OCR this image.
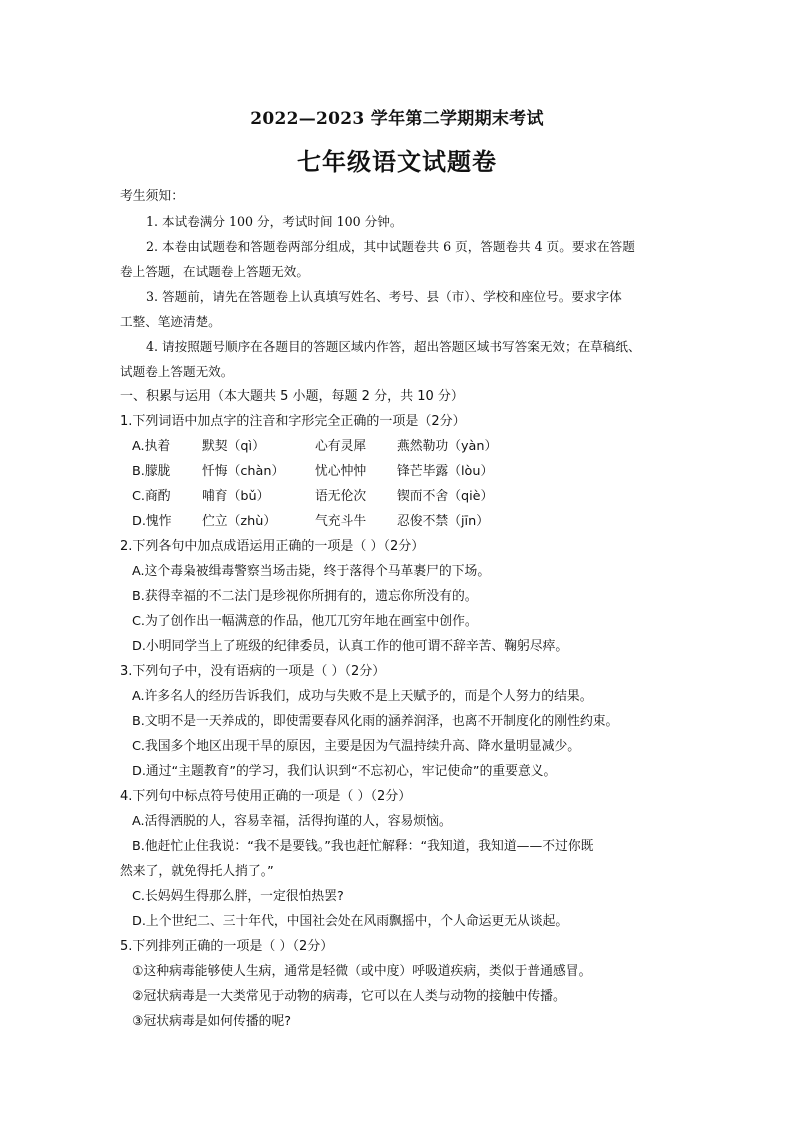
2022—2023 学年第二学期期末考试
七年级语文试题卷
考生须知：
1. 本试卷满分 100 分，考试时间 100 分钟。
2. 本卷由试题卷和答题卷两部分组成，其中试题卷共 6 页，答题卷共 4 页。要求在答题
卷上答题，在试题卷上答题无效。
3. 答题前，请先在答题卷上认真填写姓名、考号、县（市）、学校和座位号。要求字体
工整、笔迹清楚。
4. 请按照题号顺序在各题目的答题区域内作答，超出答题区域书写答案无效；在草稿纸、
试题卷上答题无效。
一、积累与运用（本大题共 5 小题，每题 2 分，共 10 分）
1.下列词语中加点字的注音和字形完全正确的一项是（2分）
A.执着	默契（qì）	心有灵犀	燕然勒功（yàn）
B.朦胧	忏悔（chàn）	忧心忡忡	锋芒毕露（lòu）
C.商酌	哺育（bǔ）	语无伦次	锲而不舍（qiè）
D.愧怍	伫立（zhù）	气充斗牛	忍俊不禁（jīn）
2.下列各句中加点成语运用正确的一项是（ ）（2分）
A.这个毒枭被缉毒警察当场击毙，终于落得个马革裹尸的下场。
B.获得幸福的不二法门是珍视你所拥有的，遗忘你所没有的。
C.为了创作出一幅满意的作品，他兀兀穷年地在画室中创作。
D.小明同学当上了班级的纪律委员，认真工作的他可谓不辞辛苦、鞠躬尽瘁。
3.下列句子中，没有语病的一项是（ ）（2分）
A.许多名人的经历告诉我们，成功与失败不是上天赋予的，而是个人努力的结果。
B.文明不是一天养成的，即使需要春风化雨的涵养润泽，也离不开制度化的刚性约束。
C.我国多个地区出现干旱的原因，主要是因为气温持续升高、降水量明显减少。
D.通过“主题教育”的学习，我们认识到“不忘初心，牢记使命”的重要意义。
4.下列句中标点符号使用正确的一项是（ ）（2分）
A.活得洒脱的人，容易幸福，活得拘谨的人，容易烦恼。
B.他赶忙止住我说：“我不是要钱。”我也赶忙解释：“我知道，我知道——不过你既
然来了，就免得托人捎了。”
C.长妈妈生得那么胖，一定很怕热罢?
D.上个世纪二、三十年代，中国社会处在风雨飘摇中，个人命运更无从谈起。
5.下列排列正确的一项是（ ）（2分）
①这种病毒能够使人生病，通常是轻微（或中度）呼吸道疾病，类似于普通感冒。
②冠状病毒是一大类常见于动物的病毒，它可以在人类与动物的接触中传播。
③冠状病毒是如何传播的呢?
